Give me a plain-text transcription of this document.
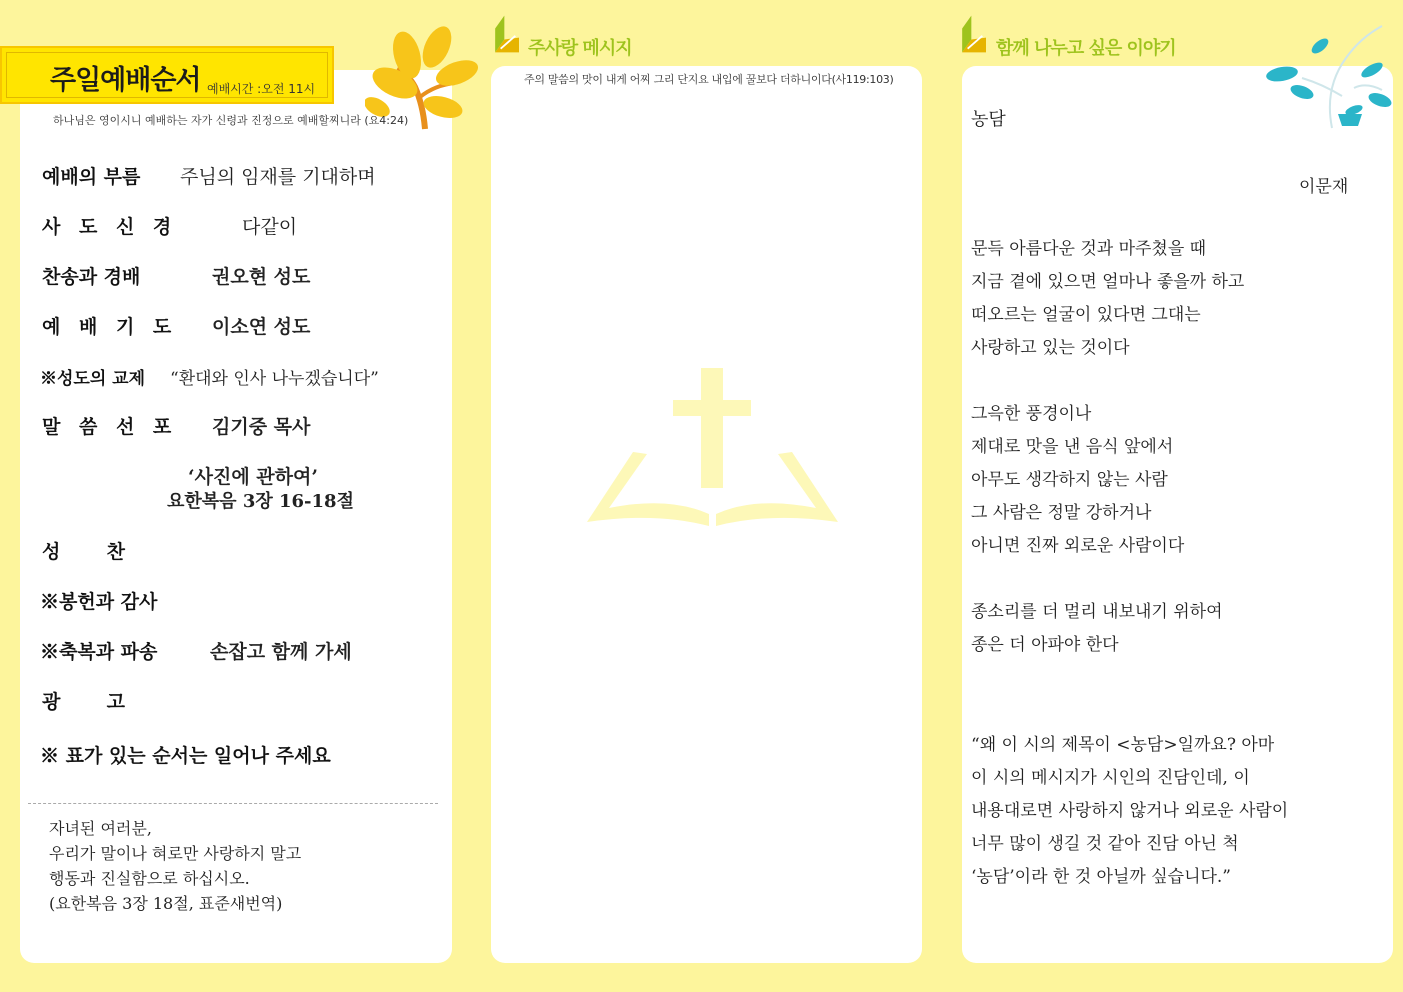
주일예배순서 예배시간 :오전 11시
하나님은 영이시니 예배하는 자가 신령과 진정으로 예배할찌니라 (요4:24)
예배의 부름 주님의 임재를 기대하며
사 도 신 경	다같이
찬송과 경배	권오현 성도
예 배 기 도 이소연 성도
※성도의 교제 “환대와 인사 나누겠습니다”
말 씀 선 포 김기중 목사
‘사진에 관하여’
요한복음 3장 16-18절
성       찬
※봉헌과 감사
※축복과 파송	손잡고 함께 가세
광       고
※ 표가 있는 순서는 일어나 주세요
자녀된 여러분,
우리가 말이나 혀로만 사랑하지 말고
행동과 진실함으로 하십시오.
(요한복음 3장 18절, 표준새번역)
주사랑 메시지
주의 말씀의 맛이 내게 어찌 그리 단지요 내입에 꿀보다 더하니이다(사119:103)
함께 나누고 싶은 이야기
농담
이문재
문득 아름다운 것과 마주쳤을 때
지금 곁에 있으면 얼마나 좋을까 하고
떠오르는 얼굴이 있다면 그대는
사랑하고 있는 것이다

그윽한 풍경이나
제대로 맛을 낸 음식 앞에서
아무도 생각하지 않는 사람
그 사람은 정말 강하거나
아니면 진짜 외로운 사람이다

종소리를 더 멀리 내보내기 위하여
종은 더 아파야 한다
“왜 이 시의 제목이 <농담>일까요? 아마
이 시의 메시지가 시인의 진담인데, 이
내용대로면 사랑하지 않거나 외로운 사람이
너무 많이 생길 것 같아 진담 아닌 척
‘농담’이라 한 것 아닐까 싶습니다.”
